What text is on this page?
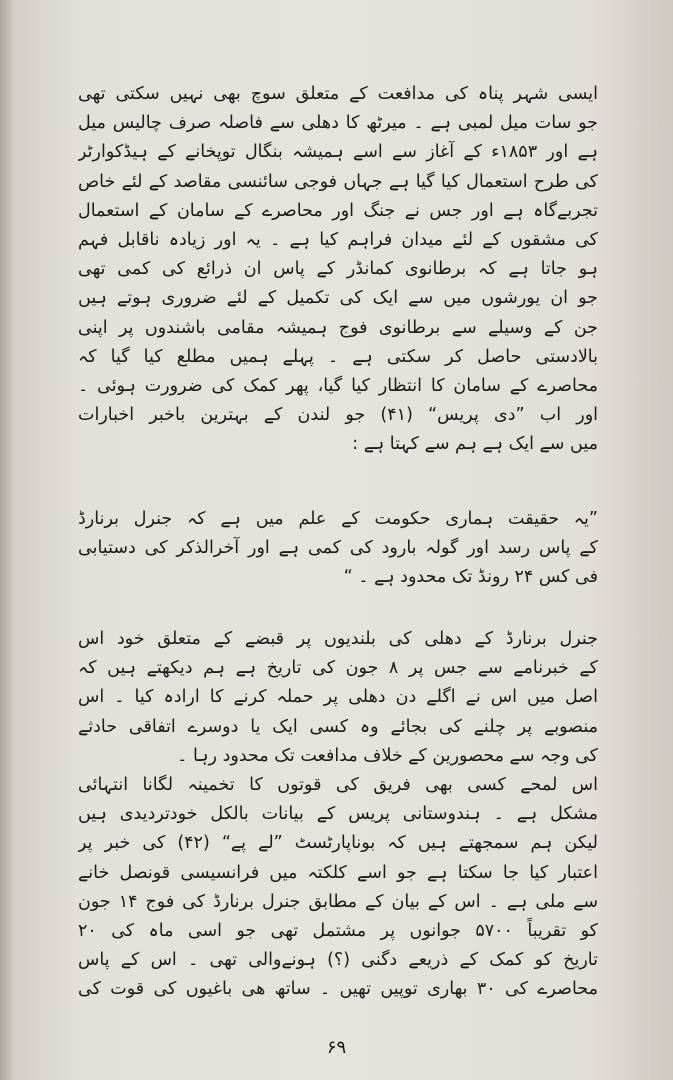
ایسی شہر پناہ کی مدافعت کے متعلق سوچ بھی نہیں سکتی تھی
جو سات میل لمبی ہے ۔ میرٹھ کا دھلی سے فاصلہ صرف چالیس میل
ہے اور ۱۸۵۳ء کے آغاز سے اسے ہمیشہ بنگال توپخانے کے ہیڈکوارٹر
کی طرح استعمال کیا گیا ہے جہاں فوجی سائنسی مقاصد کے لئے خاص
تجربےگاہ ہے اور جس نے جنگ اور محاصرے کے سامان کے استعمال
کی مشقوں کے لئے میدان فراہم کیا ہے ۔ یہ اور زیادہ ناقابل فہم
ہو جاتا ہے کہ برطانوی کمانڈر کے پاس ان ذرائع کی کمی تھی
جو ان یورشوں میں سے ایک کی تکمیل کے لئے ضروری ہوتے ہیں
جن کے وسیلے سے برطانوی فوج ہمیشہ مقامی باشندوں پر اپنی
بالادستی حاصل کر سکتی ہے ۔ پہلے ہمیں مطلع کیا گیا کہ
محاصرے کے سامان کا انتظار کیا گیا، پھر کمک کی ضرورت ہوئی ۔
اور اب ”دی پریس“ (۴۱) جو لندن کے بہترین باخبر اخبارات
میں سے ایک ہے ہم سے کہتا ہے :
”یہ حقیقت ہماری حکومت کے علم میں ہے کہ جنرل برنارڈ
کے پاس رسد اور گولہ بارود کی کمی ہے اور آخرالذکر کی دستیابی
فی کس ۲۴ رونڈ تک محدود ہے ۔ “
جنرل برنارڈ کے دھلی کی بلندیوں پر قبضے کے متعلق خود اس
کے خبرنامے سے جس پر ۸ جون کی تاریخ ہے ہم دیکھتے ہیں کہ
اصل میں اس نے اگلے دن دھلی پر حملہ کرنے کا ارادہ کیا ۔ اس
منصوبے پر چلنے کی بجائے وہ کسی ایک یا دوسرے اتفاقی حادثے
کی وجہ سے محصورین کے خلاف مدافعت تک محدود رہا ۔
اس لمحے کسی بھی فریق کی قوتوں کا تخمینہ لگانا انتہائی
مشکل ہے ۔ ہندوستانی پریس کے بیانات بالکل خودتردیدی ہیں
لیکن ہم سمجھتے ہیں کہ بوناپارٹسٹ ”لے پے“ (۴۲) کی خبر پر
اعتبار کیا جا سکتا ہے جو اسے کلکتہ میں فرانسیسی قونصل خانے
سے ملی ہے ۔ اس کے بیان کے مطابق جنرل برنارڈ کی فوج ۱۴ جون
کو تقریباً ۵۷۰۰ جوانوں پر مشتمل تھی جو اسی ماہ کی ۲۰
تاریخ کو کمک کے ذریعے دگنی (؟) ہونےوالی تھی ۔ اس کے پاس
محاصرے کی ۳۰ بھاری توپیں تھیں ۔ ساتھ ھی باغیوں کی قوت کی
۶۹
